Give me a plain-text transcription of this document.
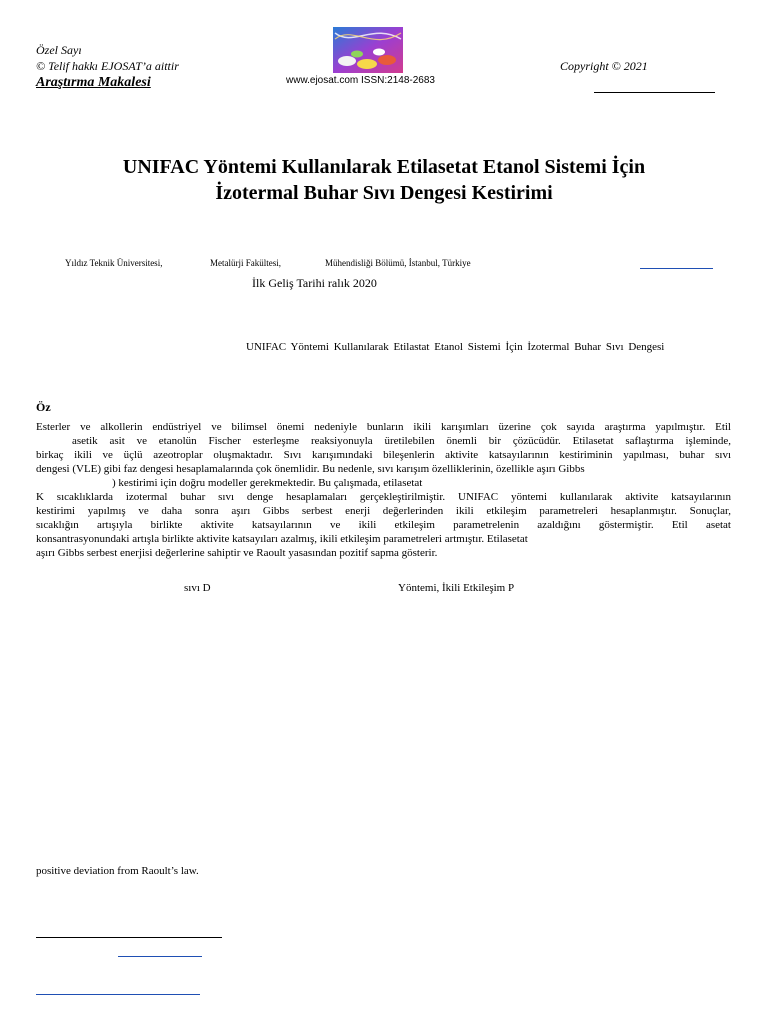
Özel Sayı
© Telif hakkı EJOSAT’a aittir
Araştırma Makalesi	www.ejosat.com ISSN:2148-2683
Copyright © 2021
UNIFAC Yöntemi Kullanılarak Etilasetat Etanol Sistemi İçin
İzotermal Buhar Sıvı Dengesi Kestirimi
Yıldız Teknik Üniversitesi,	Metalürji Fakültesi,	Mühendisliği Bölümü, İstanbul, Türkiye
İlk Geliş Tarihi ralık 2020
UNIFAC Yöntemi Kullanılarak Etilastat Etanol Sistemi İçin İzotermal Buhar Sıvı Dengesi
Öz
Esterler ve alkollerin endüstriyel ve bilimsel önemi nedeniyle bunların ikili karışımları üzerine çok sayıda araştırma yapılmıştır. Etil
asetik asit ve etanolün Fischer esterleşme reaksiyonuyla üretilebilen önemli bir çözücüdür. Etilasetat saflaştırma işleminde,
birkaç ikili ve üçlü azeotroplar oluşmaktadır. Sıvı karışımındaki bileşenlerin aktivite katsayılarının kestiriminin yapılması, buhar sıvı
dengesi (VLE) gibi faz dengesi hesaplamalarında çok önemlidir. Bu nedenle, sıvı karışım özelliklerinin, özellikle aşırı Gibbs
) kestirimi için doğru modeller gerekmektedir. Bu çalışmada, etilasetat
K sıcaklıklarda izotermal buhar sıvı denge hesaplamaları gerçekleştirilmiştir. UNIFAC yöntemi kullanılarak aktivite katsayılarının
kestirimi yapılmış ve daha sonra aşırı Gibbs serbest enerji değerlerinden ikili etkileşim parametreleri hesaplanmıştır. Sonuçlar,
sıcaklığın artışıyla birlikte aktivite katsayılarının ve ikili etkileşim parametrelenin azaldığını göstermiştir. Etil asetat
konsantrasyonundaki artışla birlikte aktivite katsayıları azalmış, ikili etkileşim parametreleri artmıştır. Etilasetat
aşırı Gibbs serbest enerjisi değerlerine sahiptir ve Raoult yasasından pozitif sapma gösterir.
sıvı D	Yöntemi, İkili Etkileşim P
positive deviation from Raoult’s law.
